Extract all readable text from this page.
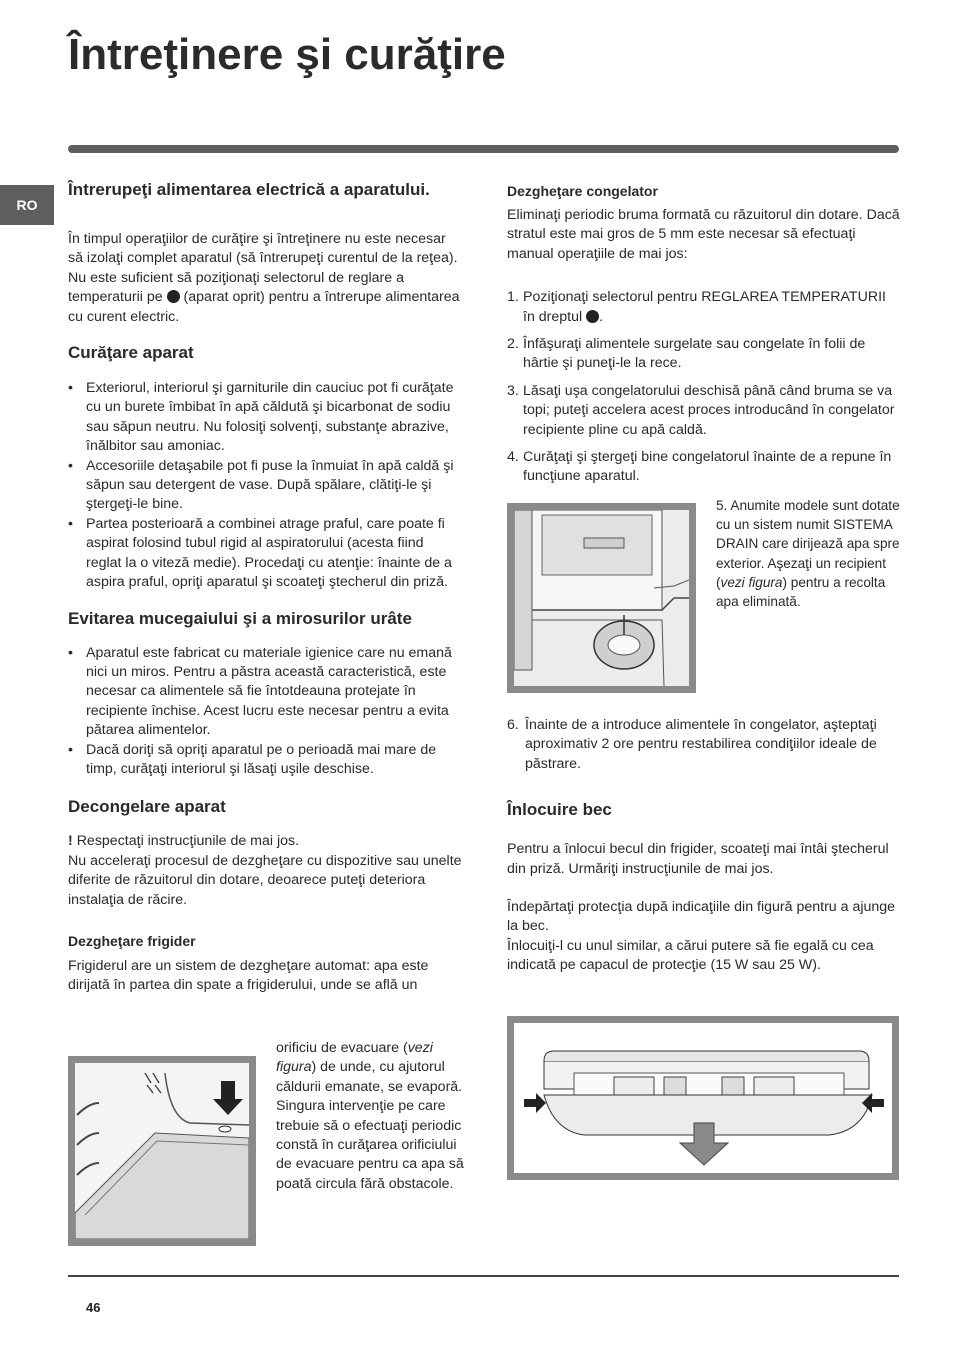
Întreţinere şi curăţire
RO

Întrerupeţi alimentarea electrică a aparatului.

În timpul operaţiilor de curăţire şi întreţinere nu este necesar să izolaţi complet aparatul (să întrerupeţi curentul de la reţea).

Nu este suficient să poziţionaţi selectorul de reglare a temperaturii pe (aparat oprit) pentru a întrerupe alimentarea cu curent electric.

Curăţare aparat

• Exteriorul, interiorul şi garniturile din cauciuc pot fi curăţate cu un burete îmbibat în apă căldută şi bicarbonat de sodiu sau săpun neutru. Nu folosiţi solvenţi, substanţe abrazive, înălbitor sau amoniac.
• Accesoriile detaşabile pot fi puse la înmuiat în apă caldă şi săpun sau detergent de vase. După spălare, clătiţi-le şi ştergeţi-le bine.
• Partea posterioară a combinei atrage praful, care poate fi aspirat folosind tubul rigid al aspiratorului (acesta fiind reglat la o viteză medie). Procedaţi cu atenţie: înainte de a aspira praful, opriţi aparatul şi scoateţi ştecherul din priză.

Evitarea mucegaiului şi a mirosurilor urâte

• Aparatul este fabricat cu materiale igienice care nu emană nici un miros. Pentru a păstra această caracteristică, este necesar ca alimentele să fie întotdeauna protejate în recipiente închise. Acest lucru este necesar pentru a evita pătarea alimentelor.
• Dacă doriţi să opriţi aparatul pe o perioadă mai mare de timp, curăţaţi interiorul şi lăsaţi uşile deschise.

Decongelare aparat

! Respectaţi instrucţiunile de mai jos.

Nu acceleraţi procesul de dezgheţare cu dispozitive sau unelte diferite de răzuitorul din dotare, deoarece puteţi deteriora instalaţia de răcire.

Dezgheţare frigider

Frigiderul are un sistem de dezgheţare automat: apa este dirijată în partea din spate a frigiderului, unde se află un

orificiu de evacuare (vezi figura) de unde, cu ajutorul căldurii emanate, se evaporă. Singura intervenţie pe care trebuie să o efectuaţi periodic constă în curăţarea orificiului de evacuare pentru ca apa să poată circula fără obstacole.

Dezgheţare congelator

Eliminaţi periodic bruma formată cu răzuitorul din dotare. Dacă stratul este mai gros de 5 mm este necesar să efectuaţi manual operaţiile de mai jos:

1. Poziţionaţi selectorul pentru REGLAREA TEMPERATURII în dreptul .
2. Înfăşuraţi alimentele surgelate sau congelate în folii de hârtie şi puneţi-le la rece.
3. Lăsaţi uşa congelatorului deschisă până când bruma se va topi; puteţi accelera acest proces introducând în congelator recipiente pline cu apă caldă.
4. Curăţaţi şi ştergeţi bine congelatorul înainte de a repune în funcţiune aparatul.

5. Anumite modele sunt dotate cu un sistem numit SISTEMA DRAIN care dirijează apa spre exterior. Aşezaţi un recipient (vezi figura) pentru a recolta apa eliminată.

6. Înainte de a introduce alimentele în congelator, aşteptaţi aproximativ 2 ore pentru restabilirea condiţiilor ideale de păstrare.

Înlocuire bec

Pentru a înlocui becul din frigider, scoateţi mai întâi ştecherul din priză. Urmăriţi instrucţiunile de mai jos.

Îndepărtaţi protecţia după indicaţiile din figură pentru a ajunge la bec.

Înlocuiţi-l cu unul similar, a cărui putere să fie egală cu cea indicată pe capacul de protecţie (15 W sau 25 W).

46
